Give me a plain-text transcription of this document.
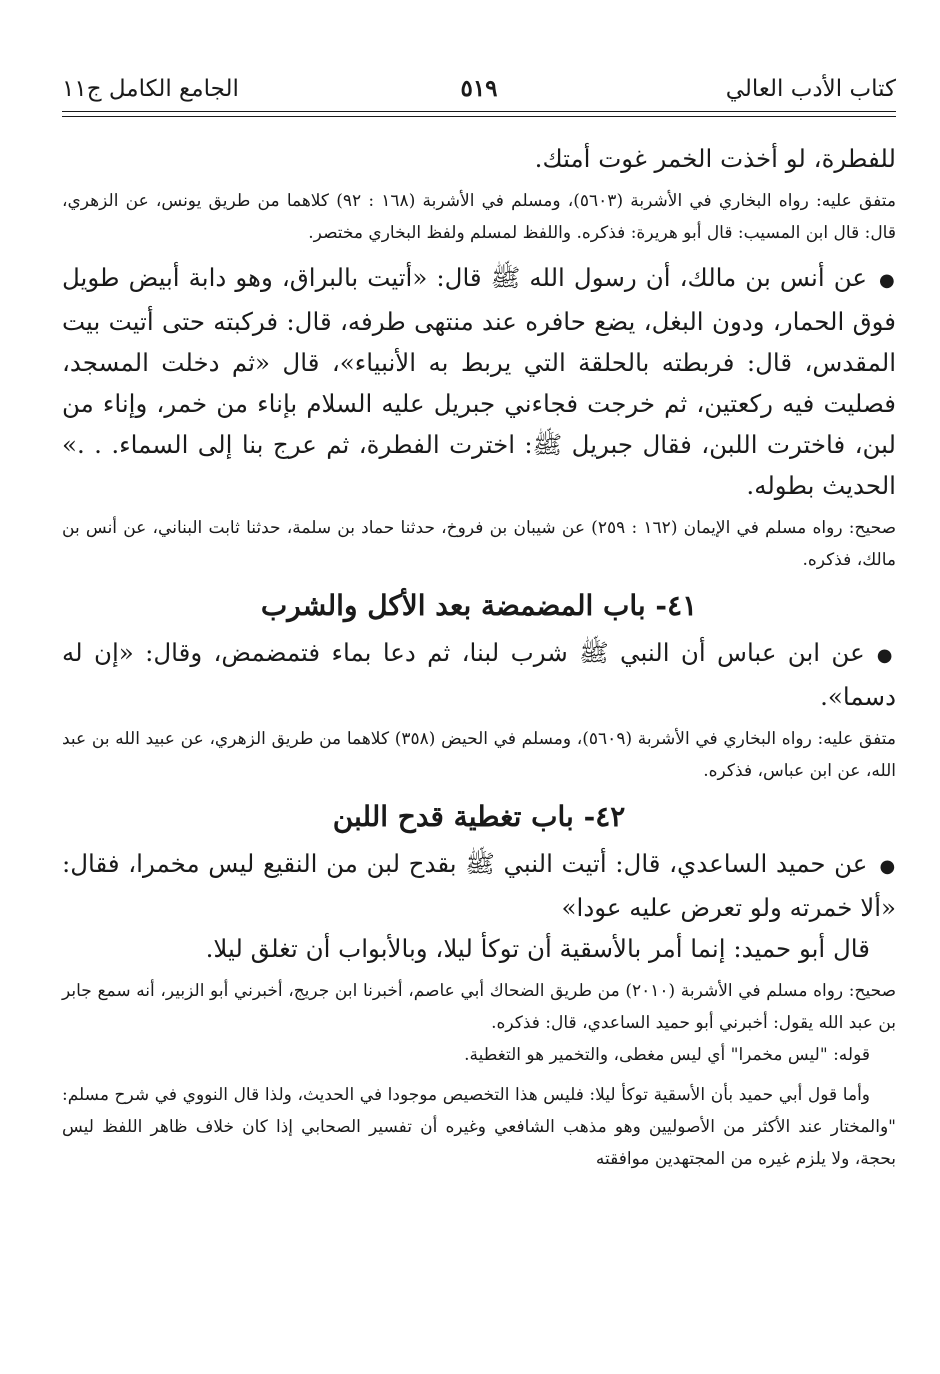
كتاب الأدب العالي
٥١٩
الجامع الكامل ج١١

للفطرة، لو أخذت الخمر غوت أمتك.

متفق عليه: رواه البخاري في الأشربة (٥٦٠٣)، ومسلم في الأشربة (١٦٨ : ٩٢) كلاهما من طريق يونس، عن الزهري، قال: قال ابن المسيب: قال أبو هريرة: فذكره. واللفظ لمسلم ولفظ البخاري مختصر.

●عن أنس بن مالك، أن رسول الله ﷺ قال: «أتيت بالبراق، وهو دابة أبيض طويل فوق الحمار، ودون البغل، يضع حافره عند منتهى طرفه، قال: فركبته حتى أتيت بيت المقدس، قال: فربطته بالحلقة التي يربط به الأنبياء»، قال «ثم دخلت المسجد، فصليت فيه ركعتين، ثم خرجت فجاءني جبريل عليه السلام بإناء من خمر، وإناء من لبن، فاخترت اللبن، فقال جبريل ﷺ: اخترت الفطرة، ثم عرج بنا إلى السماء. . .» الحديث بطوله.

صحيح: رواه مسلم في الإيمان (١٦٢ : ٢٥٩) عن شيبان بن فروخ، حدثنا حماد بن سلمة، حدثنا ثابت البناني، عن أنس بن مالك، فذكره.

٤١- باب المضمضة بعد الأكل والشرب

●عن ابن عباس أن النبي ﷺ شرب لبنا، ثم دعا بماء فتمضمض، وقال: «إن له دسما».

متفق عليه: رواه البخاري في الأشربة (٥٦٠٩)، ومسلم في الحيض (٣٥٨) كلاهما من طريق الزهري، عن عبيد الله بن عبد الله، عن ابن عباس، فذكره.

٤٢- باب تغطية قدح اللبن

●عن حميد الساعدي، قال: أتيت النبي ﷺ بقدح لبن من النقيع ليس مخمرا، فقال: «ألا خمرته ولو تعرض عليه عودا»

قال أبو حميد: إنما أمر بالأسقية أن توكأ ليلا، وبالأبواب أن تغلق ليلا.

صحيح: رواه مسلم في الأشربة (٢٠١٠) من طريق الضحاك أبي عاصم، أخبرنا ابن جريج، أخبرني أبو الزبير، أنه سمع جابر بن عبد الله يقول: أخبرني أبو حميد الساعدي، قال: فذكره.

قوله: "ليس مخمرا" أي ليس مغطى، والتخمير هو التغطية.

وأما قول أبي حميد بأن الأسقية توكأ ليلا: فليس هذا التخصيص موجودا في الحديث، ولذا قال النووي في شرح مسلم: "والمختار عند الأكثر من الأصوليين وهو مذهب الشافعي وغيره أن تفسير الصحابي إذا كان خلاف ظاهر اللفظ ليس بحجة، ولا يلزم غيره من المجتهدين موافقته
